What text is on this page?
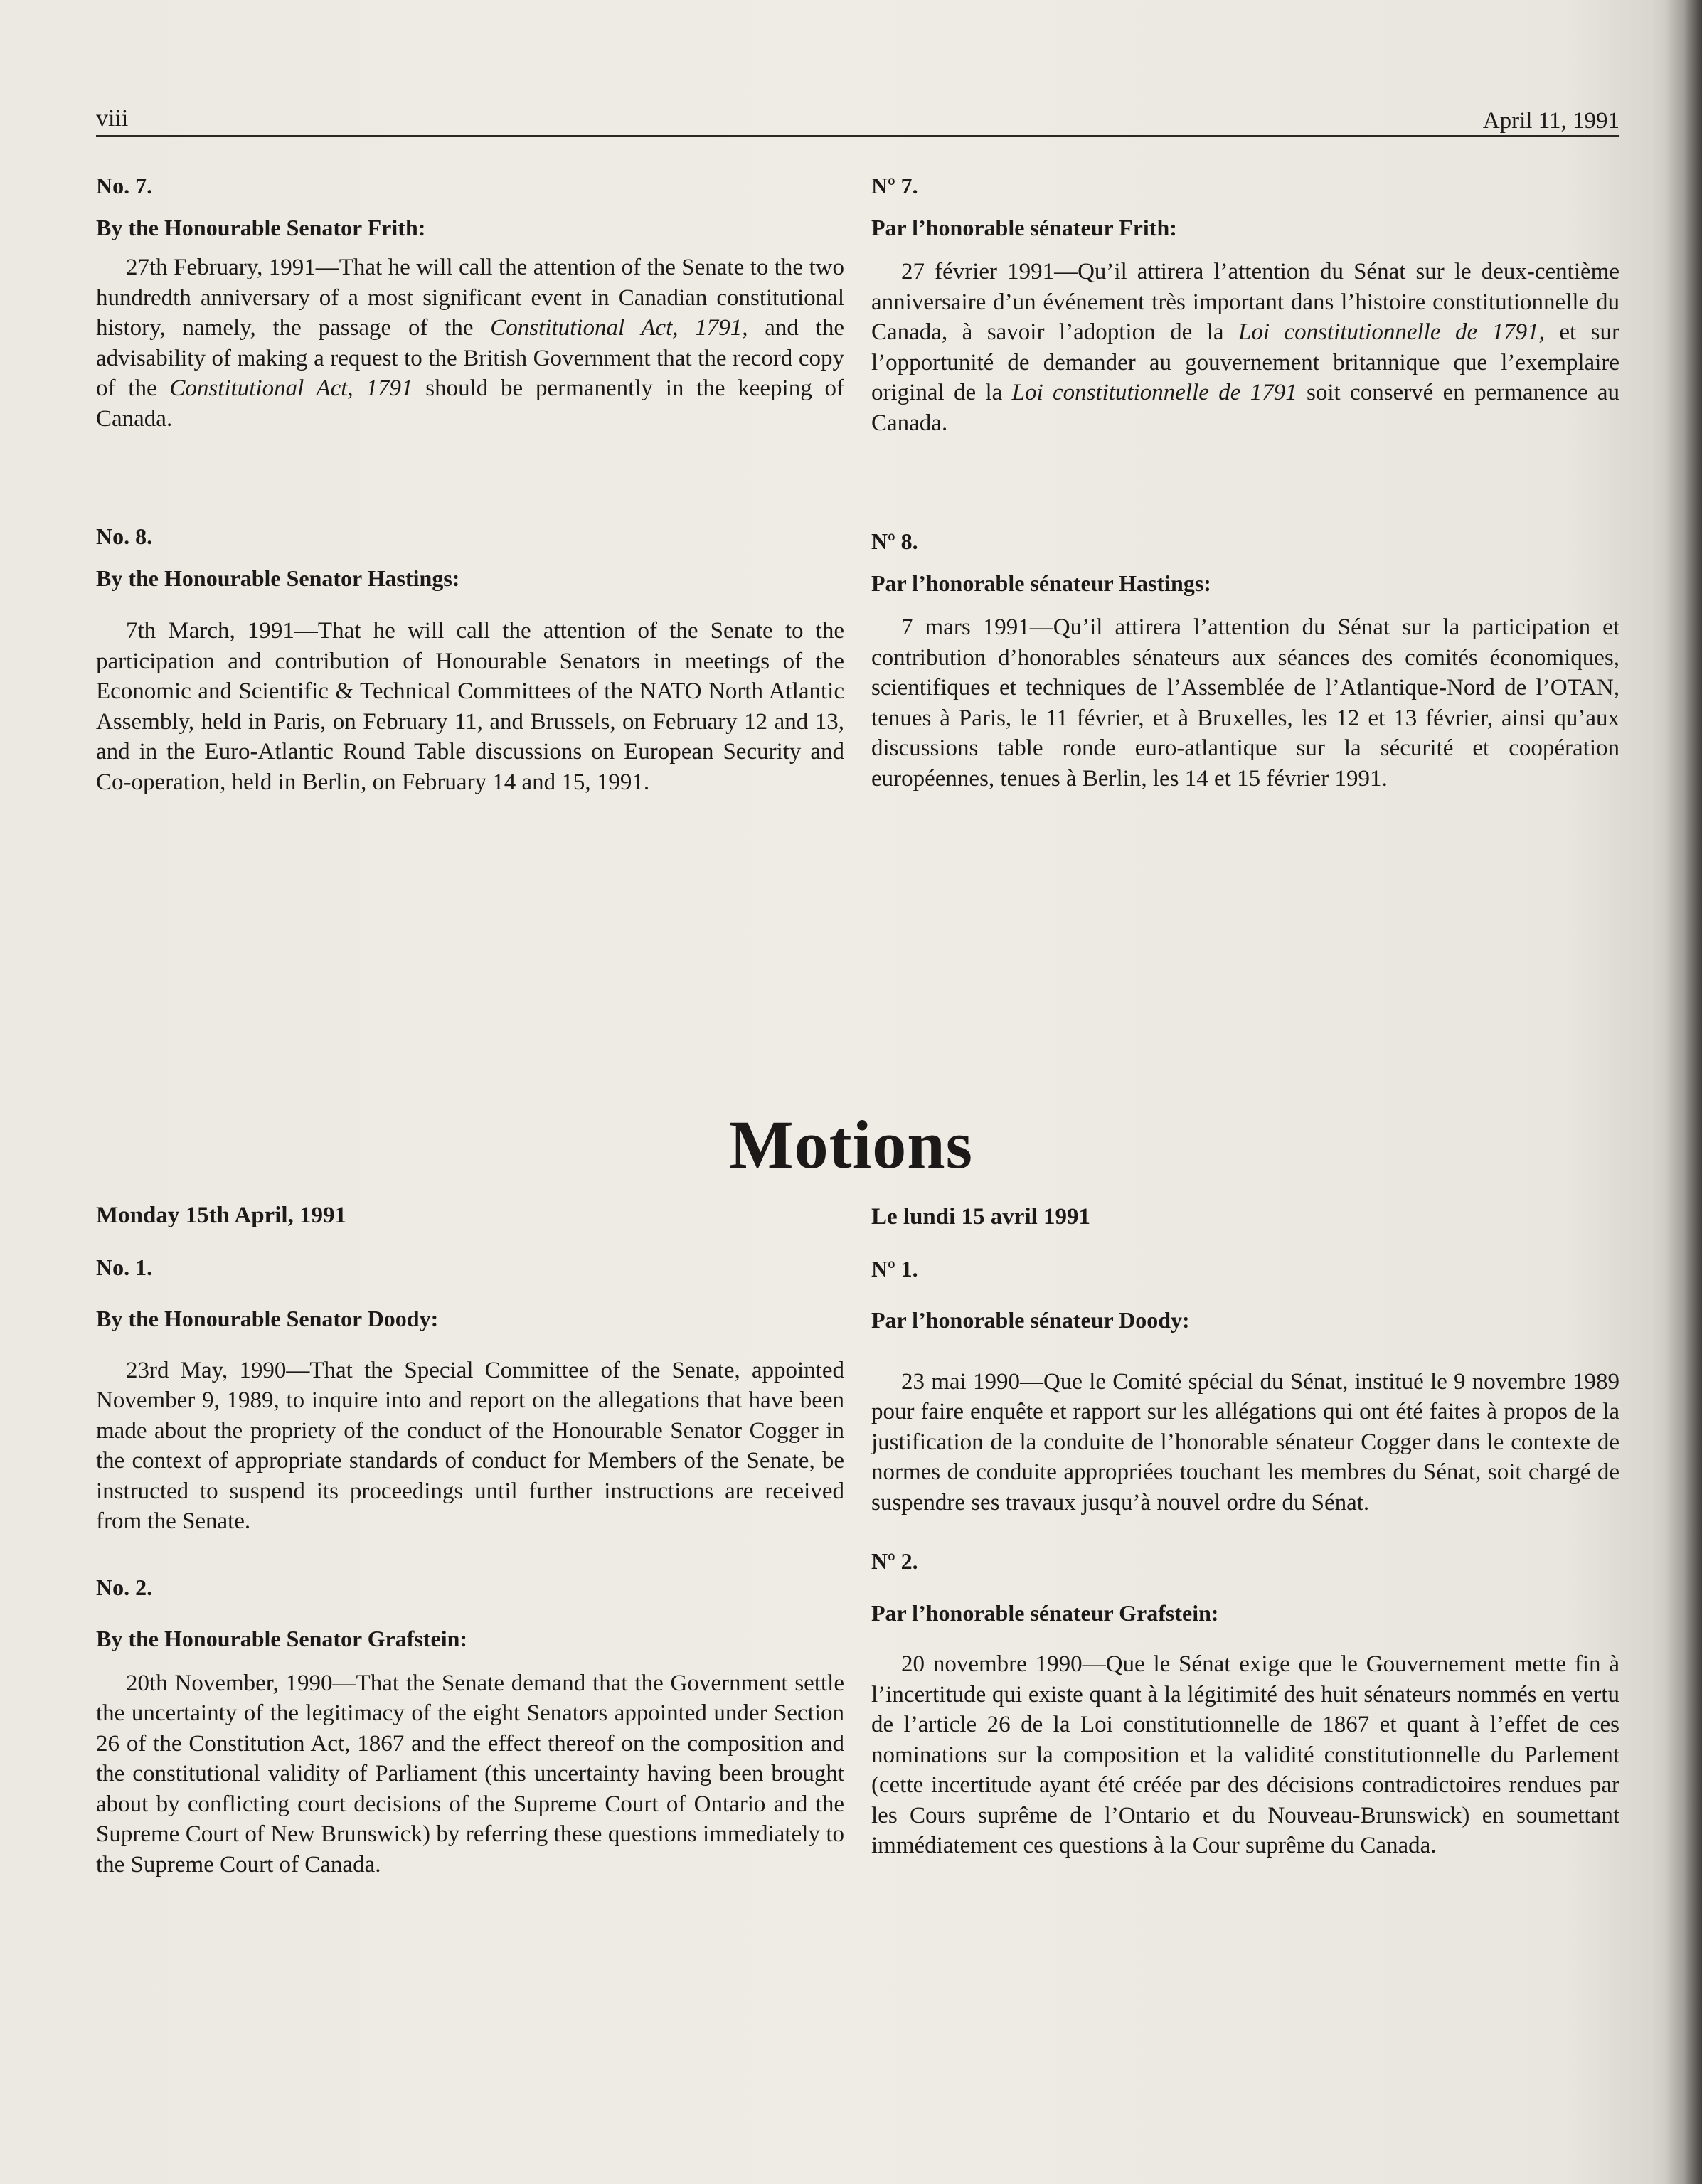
viii	April 11, 1991

No. 7.

By the Honourable Senator Frith:

27th February, 1991—That he will call the attention of the Senate to the two hundredth anniversary of a most significant event in Canadian constitutional history, namely, the passage of the Constitutional Act, 1791, and the advisability of making a request to the British Government that the record copy of the Constitutional Act, 1791 should be permanently in the keeping of Canada.

No. 8.

By the Honourable Senator Hastings:

7th March, 1991—That he will call the attention of the Senate to the participation and contribution of Honourable Senators in meetings of the Economic and Scientific & Technical Committees of the NATO North Atlantic Assembly, held in Paris, on February 11, and Brussels, on February 12 and 13, and in the Euro-Atlantic Round Table discussions on European Security and Co-operation, held in Berlin, on February 14 and 15, 1991.

Nº 7.

Par l’honorable sénateur Frith:

27 février 1991—Qu’il attirera l’attention du Sénat sur le deux-centième anniversaire d’un événement très important dans l’histoire constitutionnelle du Canada, à savoir l’adoption de la Loi constitutionnelle de 1791, et sur l’opportunité de demander au gouvernement britannique que l’exemplaire original de la Loi constitutionnelle de 1791 soit conservé en permanence au Canada.

Nº 8.

Par l’honorable sénateur Hastings:

7 mars 1991—Qu’il attirera l’attention du Sénat sur la participation et contribution d’honorables sénateurs aux séances des comités économiques, scientifiques et techniques de l’Assemblée de l’Atlantique-Nord de l’OTAN, tenues à Paris, le 11 février, et à Bruxelles, les 12 et 13 février, ainsi qu’aux discussions table ronde euro-atlantique sur la sécurité et coopération européennes, tenues à Berlin, les 14 et 15 février 1991.

Motions

Monday 15th April, 1991

No. 1.

By the Honourable Senator Doody:

23rd May, 1990—That the Special Committee of the Senate, appointed November 9, 1989, to inquire into and report on the allegations that have been made about the propriety of the conduct of the Honourable Senator Cogger in the context of appropriate standards of conduct for Members of the Senate, be instructed to suspend its proceedings until further instructions are received from the Senate.

No. 2.

By the Honourable Senator Grafstein:

20th November, 1990—That the Senate demand that the Government settle the uncertainty of the legitimacy of the eight Senators appointed under Section 26 of the Constitution Act, 1867 and the effect thereof on the composition and the constitutional validity of Parliament (this uncertainty having been brought about by conflicting court decisions of the Supreme Court of Ontario and the Supreme Court of New Brunswick) by referring these questions immediately to the Supreme Court of Canada.

Le lundi 15 avril 1991

Nº 1.

Par l’honorable sénateur Doody:

23 mai 1990—Que le Comité spécial du Sénat, institué le 9 novembre 1989 pour faire enquête et rapport sur les allégations qui ont été faites à propos de la justification de la conduite de l’honorable sénateur Cogger dans le contexte de normes de conduite appropriées touchant les membres du Sénat, soit chargé de suspendre ses travaux jusqu’à nouvel ordre du Sénat.

Nº 2.

Par l’honorable sénateur Grafstein:

20 novembre 1990—Que le Sénat exige que le Gouvernement mette fin à l’incertitude qui existe quant à la légitimité des huit sénateurs nommés en vertu de l’article 26 de la Loi constitutionnelle de 1867 et quant à l’effet de ces nominations sur la composition et la validité constitutionnelle du Parlement (cette incertitude ayant été créée par des décisions contradictoires rendues par les Cours suprême de l’Ontario et du Nouveau-Brunswick) en soumettant immédiatement ces questions à la Cour suprême du Canada.
